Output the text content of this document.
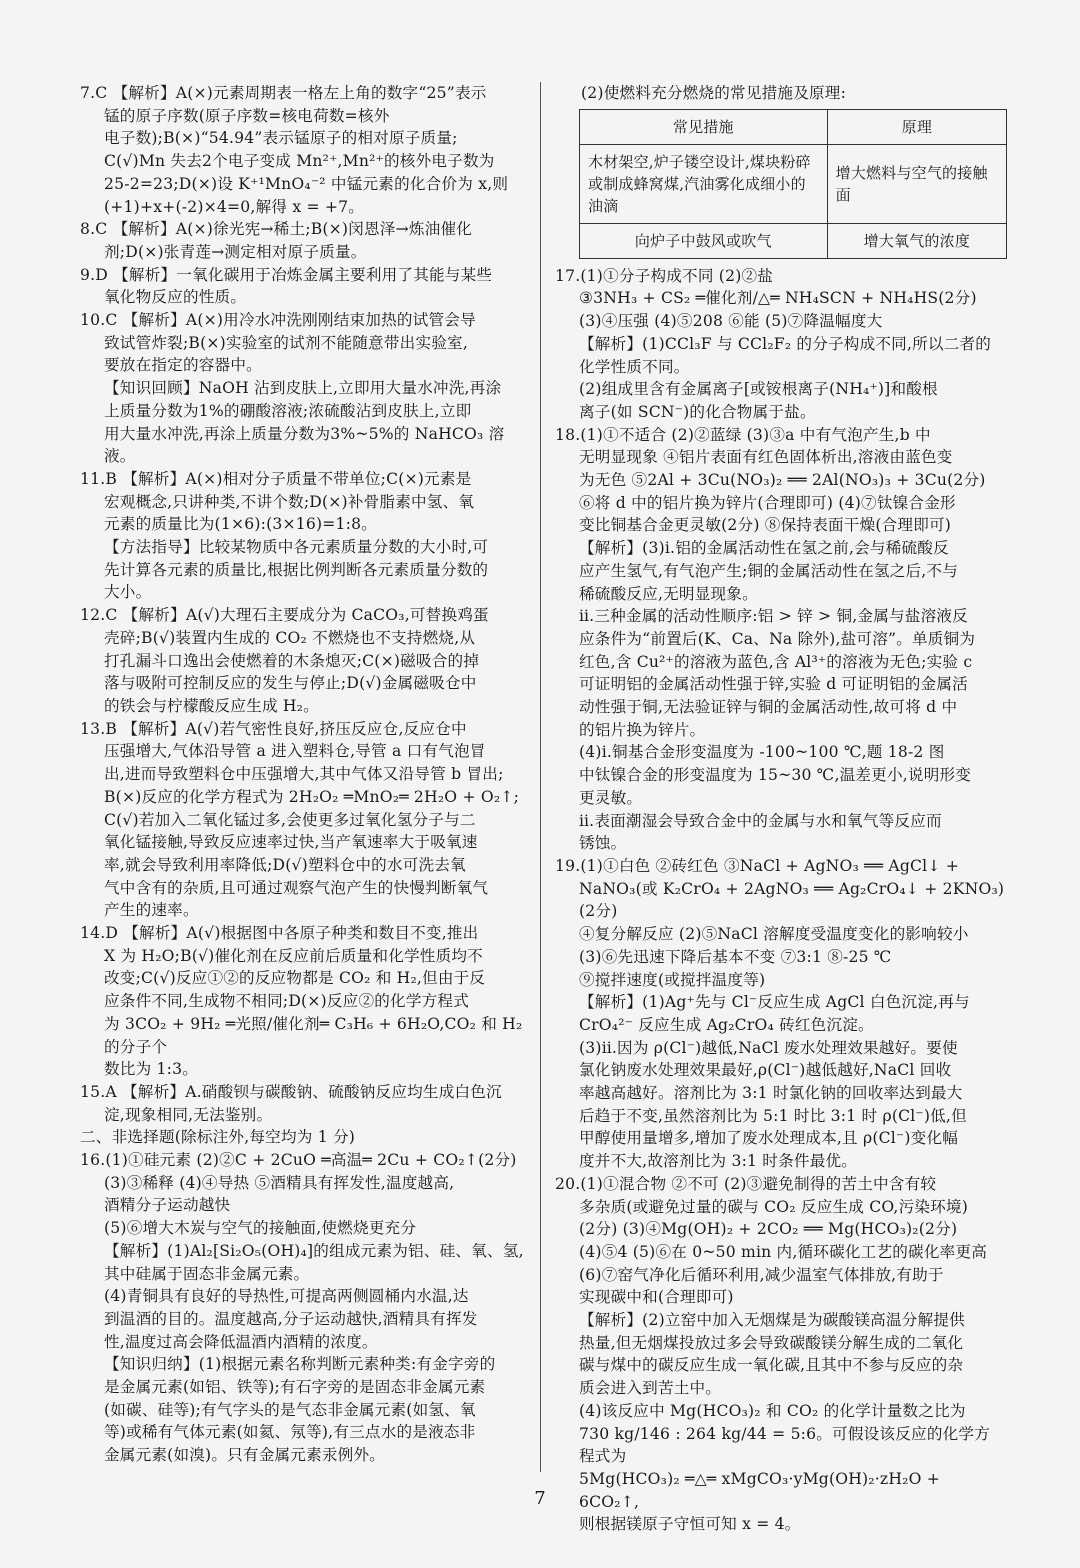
7.C 【解析】A(×)元素周期表一格左上角的数字“25”表示
锰的原子序数(原子序数=核电荷数=核外
电子数);B(×)“54.94”表示锰原子的相对原子质量;
C(√)Mn 失去2个电子变成 Mn²⁺,Mn²⁺的核外电子数为
25-2=23;D(×)设 K⁺¹MnO₄⁻² 中锰元素的化合价为 x,则
(+1)+x+(-2)×4=0,解得 x = +7。
8.C 【解析】A(×)徐光宪→稀土;B(×)闵恩泽→炼油催化
剂;D(×)张青莲→测定相对原子质量。
9.D 【解析】一氧化碳用于冶炼金属主要利用了其能与某些
氧化物反应的性质。
10.C 【解析】A(×)用冷水冲洗刚刚结束加热的试管会导
致试管炸裂;B(×)实验室的试剂不能随意带出实验室,
要放在指定的容器中。
【知识回顾】NaOH 沾到皮肤上,立即用大量水冲洗,再涂
上质量分数为1%的硼酸溶液;浓硫酸沾到皮肤上,立即
用大量水冲洗,再涂上质量分数为3%~5%的 NaHCO₃ 溶液。
11.B 【解析】A(×)相对分子质量不带单位;C(×)元素是
宏观概念,只讲种类,不讲个数;D(×)补骨脂素中氢、氧
元素的质量比为(1×6):(3×16)=1:8。
【方法指导】比较某物质中各元素质量分数的大小时,可
先计算各元素的质量比,根据比例判断各元素质量分数的
大小。
12.C 【解析】A(√)大理石主要成分为 CaCO₃,可替换鸡蛋
壳碎;B(√)装置内生成的 CO₂ 不燃烧也不支持燃烧,从
打孔漏斗口逸出会使燃着的木条熄灭;C(×)磁吸合的掉
落与吸附可控制反应的发生与停止;D(√)金属磁吸仓中
的铁会与柠檬酸反应生成 H₂。
13.B 【解析】A(√)若气密性良好,挤压反应仓,反应仓中
压强增大,气体沿导管 a 进入塑料仓,导管 a 口有气泡冒
出,进而导致塑料仓中压强增大,其中气体又沿导管 b 冒出;
B(×)反应的化学方程式为 2H₂O₂ ═MnO₂═ 2H₂O + O₂↑;
C(√)若加入二氧化锰过多,会使更多过氧化氢分子与二
氧化锰接触,导致反应速率过快,当产氧速率大于吸氧速
率,就会导致利用率降低;D(√)塑料仓中的水可洗去氧
气中含有的杂质,且可通过观察气泡产生的快慢判断氧气
产生的速率。
14.D 【解析】A(√)根据图中各原子种类和数目不变,推出
X 为 H₂O;B(√)催化剂在反应前后质量和化学性质均不
改变;C(√)反应①②的反应物都是 CO₂ 和 H₂,但由于反
应条件不同,生成物不相同;D(×)反应②的化学方程式
为 3CO₂ + 9H₂ ═光照/催化剂═ C₃H₆ + 6H₂O,CO₂ 和 H₂ 的分子个
数比为 1:3。
15.A 【解析】A.硝酸钡与碳酸钠、硫酸钠反应均生成白色沉
淀,现象相同,无法鉴别。
二、非选择题(除标注外,每空均为 1 分)
16.(1)①硅元素 (2)②C + 2CuO ═高温═ 2Cu + CO₂↑(2分)
(3)③稀释 (4)④导热 ⑤酒精具有挥发性,温度越高,
酒精分子运动越快
(5)⑥增大木炭与空气的接触面,使燃烧更充分
【解析】(1)Al₂[Si₂O₅(OH)₄]的组成元素为铝、硅、氧、氢,
其中硅属于固态非金属元素。
(4)青铜具有良好的导热性,可提高两侧圆桶内水温,达
到温酒的目的。温度越高,分子运动越快,酒精具有挥发
性,温度过高会降低温酒内酒精的浓度。
【知识归纳】(1)根据元素名称判断元素种类:有金字旁的
是金属元素(如铝、铁等);有石字旁的是固态非金属元素
(如碳、硅等);有气字头的是气态非金属元素(如氢、氧
等)或稀有气体元素(如氦、氖等),有三点水的是液态非
金属元素(如溴)。只有金属元素汞例外。
(2)使燃料充分燃烧的常见措施及原理:
常见措施	原理
木材架空,炉子镂空设计,煤块粉碎或制成蜂窝煤,汽油雾化成细小的油滴	增大燃料与空气的接触面
向炉子中鼓风或吹气	增大氧气的浓度
17.(1)①分子构成不同 (2)②盐
③3NH₃ + CS₂ ═催化剂/△═ NH₄SCN + NH₄HS(2分)
(3)④压强 (4)⑤208 ⑥能 (5)⑦降温幅度大
【解析】(1)CCl₃F 与 CCl₂F₂ 的分子构成不同,所以二者的
化学性质不同。
(2)组成里含有金属离子[或铵根离子(NH₄⁺)]和酸根
离子(如 SCN⁻)的化合物属于盐。
18.(1)①不适合 (2)②蓝绿 (3)③a 中有气泡产生,b 中
无明显现象 ④铝片表面有红色固体析出,溶液由蓝色变
为无色 ⑤2Al + 3Cu(NO₃)₂ ══ 2Al(NO₃)₃ + 3Cu(2分)
⑥将 d 中的铝片换为锌片(合理即可) (4)⑦钛镍合金形
变比铜基合金更灵敏(2分) ⑧保持表面干燥(合理即可)
【解析】(3)ⅰ.铝的金属活动性在氢之前,会与稀硫酸反
应产生氢气,有气泡产生;铜的金属活动性在氢之后,不与
稀硫酸反应,无明显现象。
ⅱ.三种金属的活动性顺序:铝 > 锌 > 铜,金属与盐溶液反
应条件为“前置后(K、Ca、Na 除外),盐可溶”。单质铜为
红色,含 Cu²⁺的溶液为蓝色,含 Al³⁺的溶液为无色;实验 c
可证明铝的金属活动性强于锌,实验 d 可证明铝的金属活
动性强于铜,无法验证锌与铜的金属活动性,故可将 d 中
的铝片换为锌片。
(4)ⅰ.铜基合金形变温度为 -100~100 ℃,题 18-2 图
中钛镍合金的形变温度为 15~30 ℃,温差更小,说明形变
更灵敏。
ⅱ.表面潮湿会导致合金中的金属与水和氧气等反应而
锈蚀。
19.(1)①白色 ②砖红色 ③NaCl + AgNO₃ ══ AgCl↓ +
NaNO₃(或 K₂CrO₄ + 2AgNO₃ ══ Ag₂CrO₄↓ + 2KNO₃)(2分)
④复分解反应 (2)⑤NaCl 溶解度受温度变化的影响较小
(3)⑥先迅速下降后基本不变 ⑦3:1 ⑧-25 ℃
⑨搅拌速度(或搅拌温度等)
【解析】(1)Ag⁺先与 Cl⁻反应生成 AgCl 白色沉淀,再与
CrO₄²⁻ 反应生成 Ag₂CrO₄ 砖红色沉淀。
(3)ⅱ.因为 ρ(Cl⁻)越低,NaCl 废水处理效果越好。要使
氯化钠废水处理效果最好,ρ(Cl⁻)越低越好,NaCl 回收
率越高越好。溶剂比为 3:1 时氯化钠的回收率达到最大
后趋于不变,虽然溶剂比为 5:1 时比 3:1 时 ρ(Cl⁻)低,但
甲醇使用量增多,增加了废水处理成本,且 ρ(Cl⁻)变化幅
度并不大,故溶剂比为 3:1 时条件最优。
20.(1)①混合物 ②不可 (2)③避免制得的苦土中含有较
多杂质(或避免过量的碳与 CO₂ 反应生成 CO,污染环境)
(2分) (3)④Mg(OH)₂ + 2CO₂ ══ Mg(HCO₃)₂(2分)
(4)⑤4 (5)⑥在 0~50 min 内,循环碳化工艺的碳化率更高
(6)⑦窑气净化后循环利用,减少温室气体排放,有助于
实现碳中和(合理即可)
【解析】(2)立窑中加入无烟煤是为碳酸镁高温分解提供
热量,但无烟煤投放过多会导致碳酸镁分解生成的二氧化
碳与煤中的碳反应生成一氧化碳,且其中不参与反应的杂
质会进入到苦土中。
(4)该反应中 Mg(HCO₃)₂ 和 CO₂ 的化学计量数之比为
730 kg/146 : 264 kg/44 = 5:6。可假设该反应的化学方程式为
5Mg(HCO₃)₂ ═△═ xMgCO₃·yMg(OH)₂·zH₂O + 6CO₂↑,
则根据镁原子守恒可知 x = 4。
7
